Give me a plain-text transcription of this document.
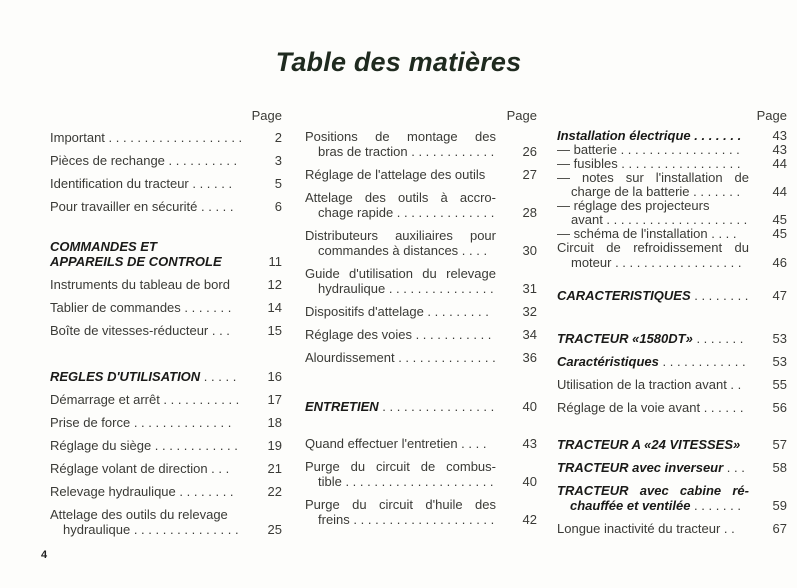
Table des matières
Page
Important . . . . . . . . . . . . . . . . . . .	2
Pièces de rechange . . . . . . . . . .	3
Identification du tracteur . . . . . .	5
Pour travailler en sécurité . . . . .	6
COMMANDES ET
APPAREILS DE CONTROLE	11
Instruments du tableau de bord	12
Tablier de commandes . . . . . . .	14
Boîte de vitesses-réducteur . . .	15
REGLES D'UTILISATION . . . . .	16
Démarrage et arrêt . . . . . . . . . . .	17
Prise de force . . . . . . . . . . . . . .	18
Réglage du siège . . . . . . . . . . . .	19
Réglage volant de direction . . .	21
Relevage hydraulique . . . . . . . .	22
Attelage des outils du relevage
hydraulique . . . . . . . . . . . . . . .	25
Page
Positions de montage des
bras de traction . . . . . . . . . . . .	26
Réglage de l'attelage des outils	27
Attelage des outils à accro-
chage rapide . . . . . . . . . . . . . .	28
Distributeurs auxiliaires pour
commandes à distances . . . .	30
Guide d'utilisation du relevage
hydraulique . . . . . . . . . . . . . . .	31
Dispositifs d'attelage . . . . . . . . .	32
Réglage des voies . . . . . . . . . . .	34
Alourdissement . . . . . . . . . . . . . .	36
ENTRETIEN . . . . . . . . . . . . . . . .	40
Quand effectuer l'entretien . . . .	43
Purge du circuit de combus-
tible . . . . . . . . . . . . . . . . . . . . .	40
Purge du circuit d'huile des
freins . . . . . . . . . . . . . . . . . . . .	42
Page
Installation électrique . . . . . . .	43
— batterie . . . . . . . . . . . . . . . . .	43
— fusibles . . . . . . . . . . . . . . . . .	44
— notes sur l'installation de
charge de la batterie . . . . . . .	44
— réglage des projecteurs
avant . . . . . . . . . . . . . . . . . . . .	45
— schéma de l'installation . . . .	45
Circuit de refroidissement du
moteur . . . . . . . . . . . . . . . . . .	46
CARACTERISTIQUES . . . . . . . .	47
TRACTEUR «1580DT» . . . . . . .	53
Caractéristiques . . . . . . . . . . . .	53
Utilisation de la traction avant . .	55
Réglage de la voie avant . . . . . .	56
TRACTEUR A «24 VITESSES»	57
TRACTEUR avec inverseur . . .	58
TRACTEUR avec cabine ré-
chauffée et ventilée . . . . . . .	59
Longue inactivité du tracteur . .	67
4
